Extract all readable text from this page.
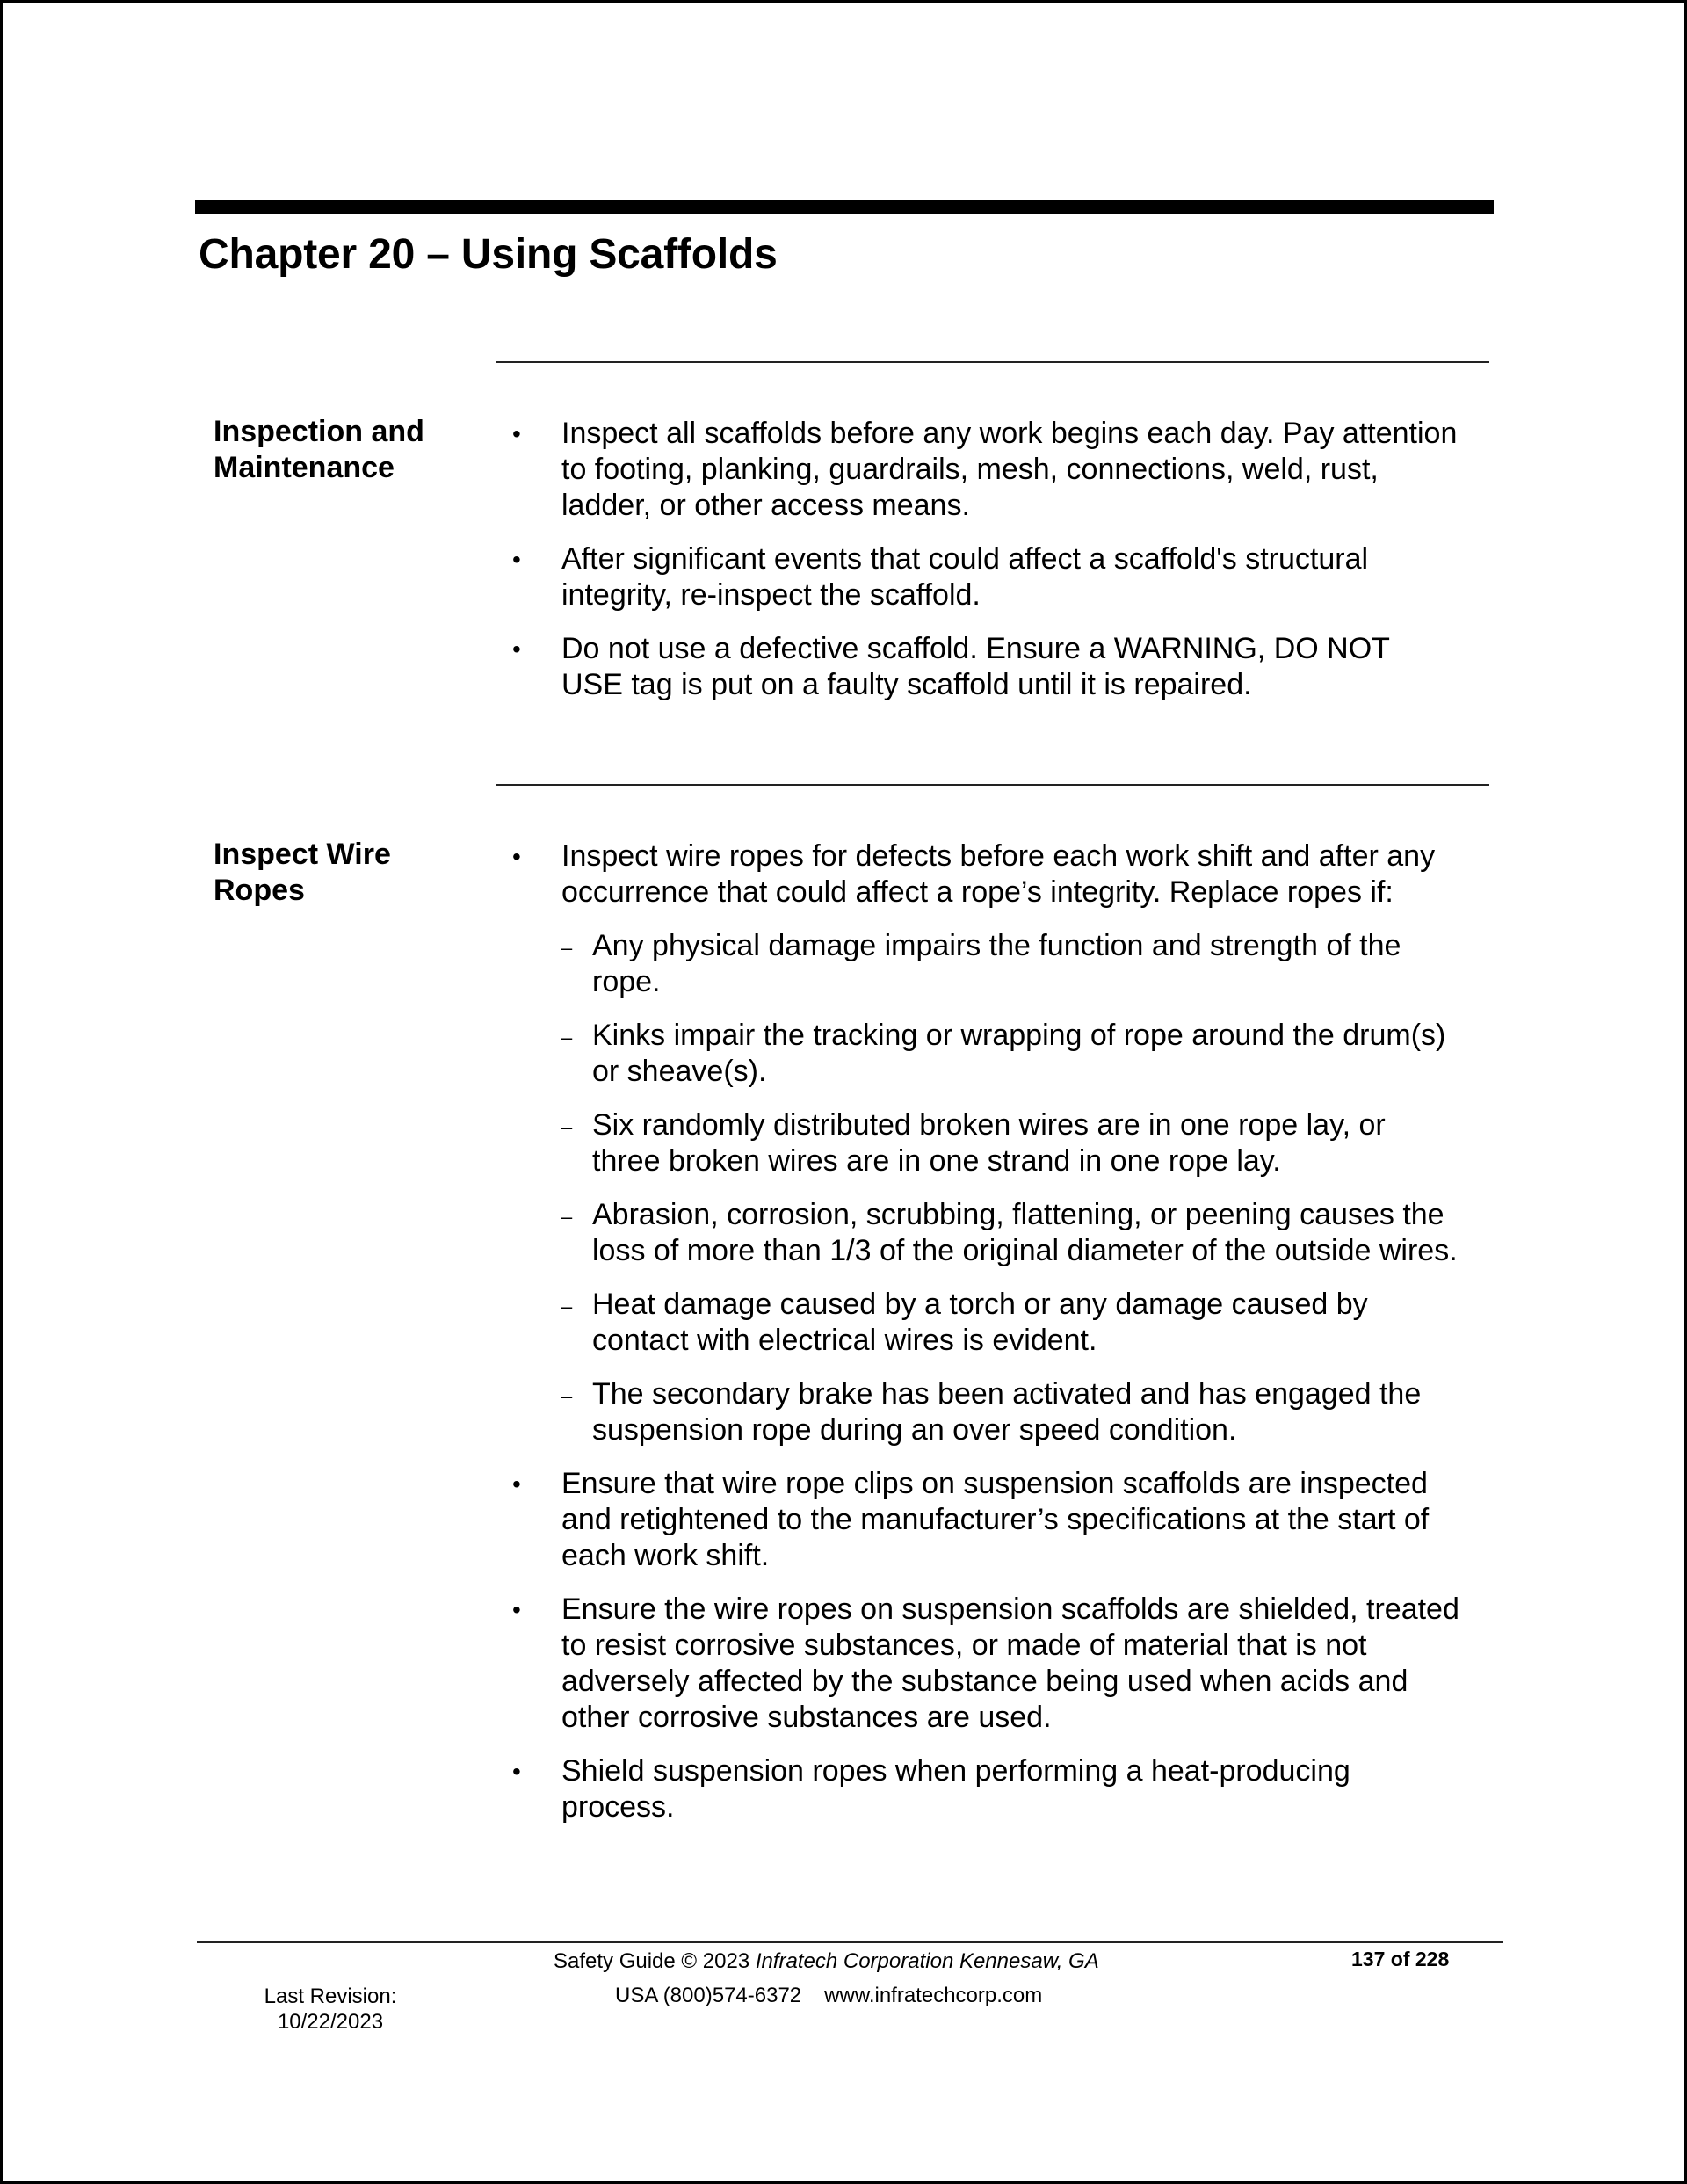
Chapter 20 – Using Scaffolds
Inspection and
Maintenance
• Inspect all scaffolds before any work begins each day. Pay attention
to footing, planking, guardrails, mesh, connections, weld, rust,
ladder, or other access means.
• After significant events that could affect a scaffold's structural
integrity, re-inspect the scaffold.
• Do not use a defective scaffold. Ensure a WARNING, DO NOT
USE tag is put on a faulty scaffold until it is repaired.
Inspect Wire
Ropes
• Inspect wire ropes for defects before each work shift and after any
occurrence that could affect a rope’s integrity. Replace ropes if:
– Any physical damage impairs the function and strength of the
rope.
– Kinks impair the tracking or wrapping of rope around the drum(s)
or sheave(s).
– Six randomly distributed broken wires are in one rope lay, or
three broken wires are in one strand in one rope lay.
– Abrasion, corrosion, scrubbing, flattening, or peening causes the
loss of more than 1/3 of the original diameter of the outside wires.
– Heat damage caused by a torch or any damage caused by
contact with electrical wires is evident.
– The secondary brake has been activated and has engaged the
suspension rope during an over speed condition.
• Ensure that wire rope clips on suspension scaffolds are inspected
and retightened to the manufacturer’s specifications at the start of
each work shift.
• Ensure the wire ropes on suspension scaffolds are shielded, treated
to resist corrosive substances, or made of material that is not
adversely affected by the substance being used when acids and
other corrosive substances are used.
• Shield suspension ropes when performing a heat-producing
process.
Safety Guide © 2023 Infratech Corporation Kennesaw, GA
USA (800)574-6372 www.infratechcorp.com
137 of 228
Last Revision:
10/22/2023
